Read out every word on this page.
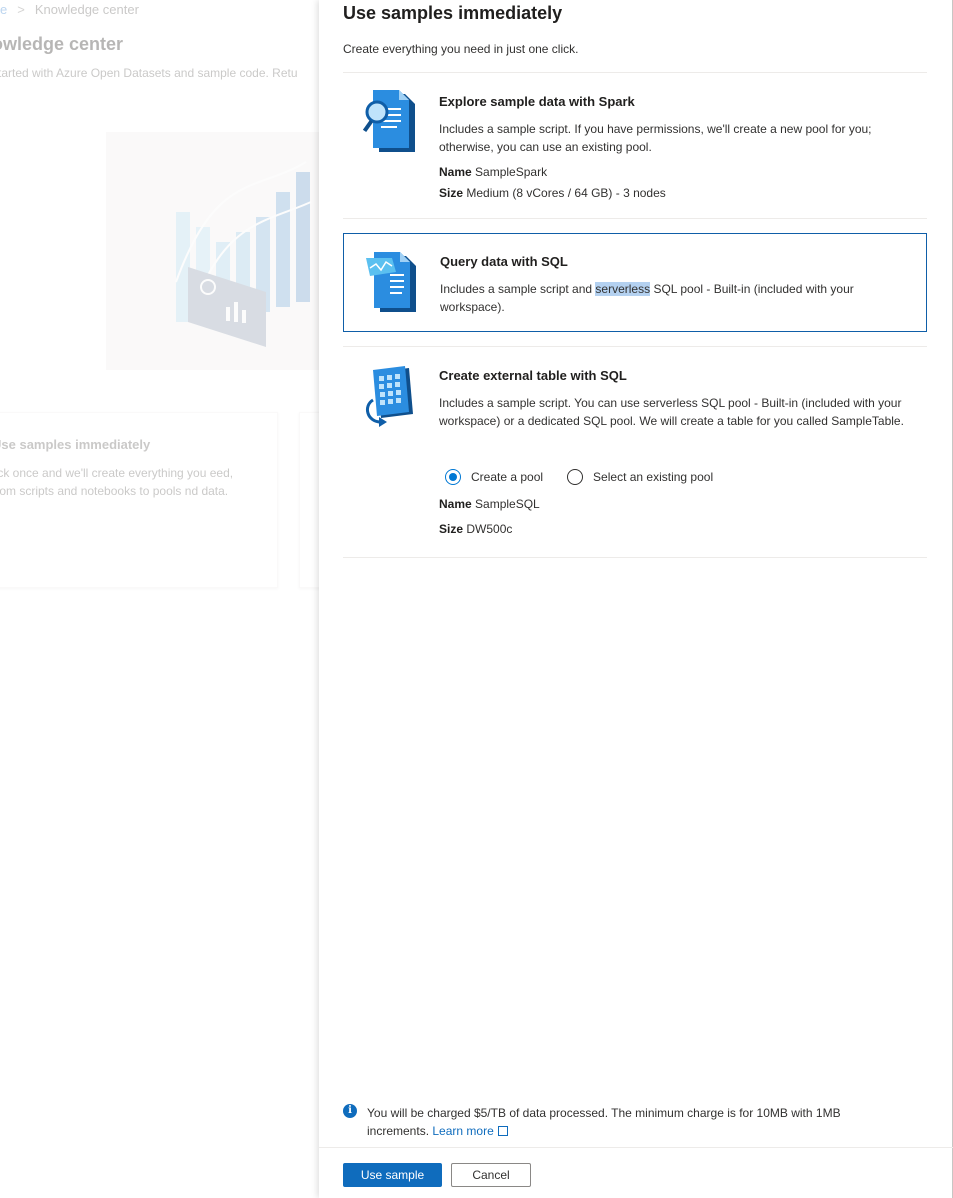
Use samples immediately
Create everything you need in just one click.
Explore sample data with Spark
Includes a sample script. If you have permissions, we'll create a new pool for you; otherwise, you can use an existing pool.
Name SampleSpark
Size Medium (8 vCores / 64 GB) - 3 nodes
Query data with SQL
Includes a sample script and serverless SQL pool - Built-in (included with your workspace).
Create external table with SQL
Includes a sample script. You can use serverless SQL pool - Built-in (included with your workspace) or a dedicated SQL pool. We will create a table for you called SampleTable.
Create a pool	Select an existing pool
Name SampleSQL
Size DW500c
i	You will be charged $5/TB of data processed. The minimum charge is for 10MB with 1MB increments. Learn more
Use sample	Cancel
